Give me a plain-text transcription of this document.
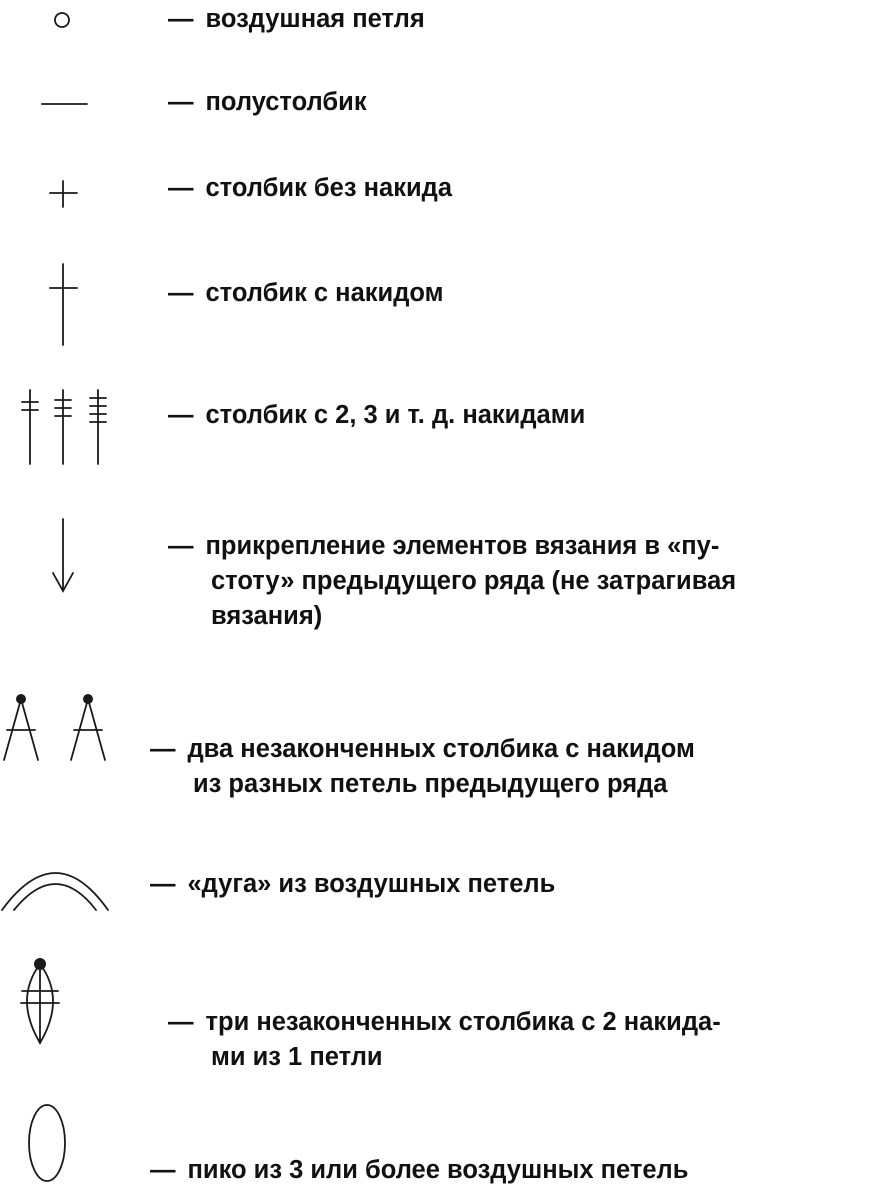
— воздушная петля

— полустолбик

— столбик без накида

— столбик с накидом

— столбик с 2, 3 и т. д. накидами

— прикрепление элементов вязания в «пу-
стоту» предыдущего ряда (не затрагивая
вязания)

— два незаконченных столбика с накидом
из разных петель предыдущего ряда

— «дуга» из воздушных петель

— три незаконченных столбика с 2 накида-
ми из 1 петли

— пико из 3 или более воздушных петель
